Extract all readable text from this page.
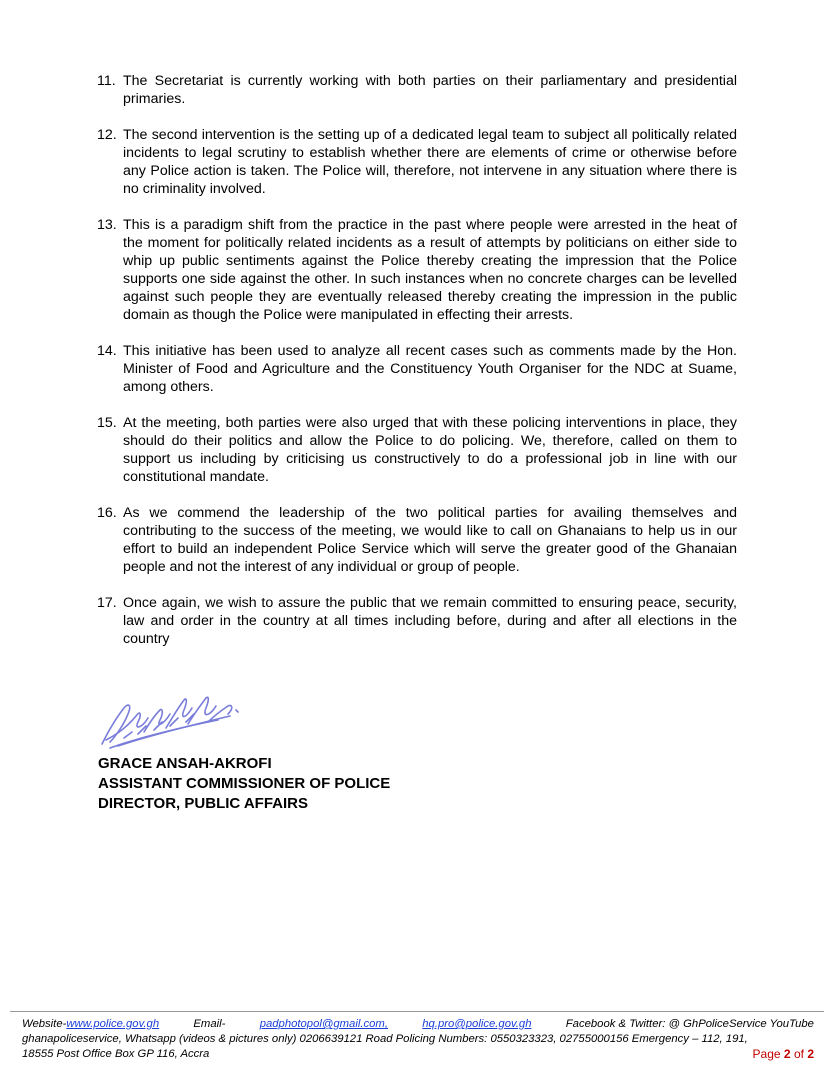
11. The Secretariat is currently working with both parties on their parliamentary and presidential primaries.
12. The second intervention is the setting up of a dedicated legal team to subject all politically related incidents to legal scrutiny to establish whether there are elements of crime or otherwise before any Police action is taken. The Police will, therefore, not intervene in any situation where there is no criminality involved.
13. This is a paradigm shift from the practice in the past where people were arrested in the heat of the moment for politically related incidents as a result of attempts by politicians on either side to whip up public sentiments against the Police thereby creating the impression that the Police supports one side against the other. In such instances when no concrete charges can be levelled against such people they are eventually released thereby creating the impression in the public domain as though the Police were manipulated in effecting their arrests.
14. This initiative has been used to analyze all recent cases such as comments made by the Hon. Minister of Food and Agriculture and the Constituency Youth Organiser for the NDC at Suame, among others.
15. At the meeting, both parties were also urged that with these policing interventions in place, they should do their politics and allow the Police to do policing. We, therefore, called on them to support us including by criticising us constructively to do a professional job in line with our constitutional mandate.
16. As we commend the leadership of the two political parties for availing themselves and contributing to the success of the meeting, we would like to call on Ghanaians to help us in our effort to build an independent Police Service which will serve the greater good of the Ghanaian people and not the interest of any individual or group of people.
17. Once again, we wish to assure the public that we remain committed to ensuring peace, security, law and order in the country at all times including before, during and after all elections in the country
GRACE ANSAH-AKROFI
ASSISTANT COMMISSIONER OF POLICE
DIRECTOR, PUBLIC AFFAIRS
Website-www.police.gov.gh	Email-	padphotopol@gmail.com,	hq.pro@police.gov.gh	Facebook & Twitter: @ GhPoliceService YouTube
ghanapoliceservice, Whatsapp (videos & pictures only) 0206639121 Road Policing Numbers: 0550323323, 02755000156 Emergency – 112, 191,
18555 Post Office Box GP 116, Accra	Page 2 of 2
